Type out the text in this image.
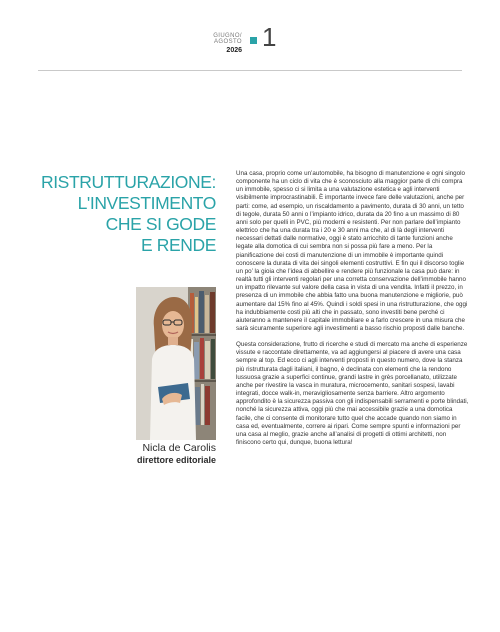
GIUGNO/ AGOSTO
2026 1
RISTRUTTURAZIONE:
L'INVESTIMENTO
CHE SI GODE
E RENDE
Nicla de Carolis
direttore editoriale

Una casa, proprio come un’automobile, ha bisogno di manutenzione e ogni singolo componente ha un ciclo di vita che è sconosciuto alla maggior parte di chi compra un immobile, spesso ci si limita a una valutazione estetica e agli interventi visibilmente improcrastinabili. È importante invece fare delle valutazioni, anche per parti: come, ad esempio, un riscaldamento a pavimento, durata di 30 anni, un tetto di tegole, durata 50 anni o l’impianto idrico, durata da 20 fino a un massimo di 80 anni solo per quelli in PVC, più moderni e resistenti. Per non parlare dell’impianto elettrico che ha una durata tra i 20 e 30 anni ma che, al di là degli interventi necessari dettati dalle normative, oggi è stato arricchito di tante funzioni anche legate alla domotica di cui sembra non si possa più fare a meno. Per la pianificazione dei costi di manutenzione di un immobile è importante quindi conoscere la durata di vita dei singoli elementi costruttivi. E fin qui il discorso toglie un po’ la gioia che l’idea di abbellire e rendere più funzionale la casa può dare: in realtà tutti gli interventi regolari per una corretta conservazione dell’immobile hanno un impatto rilevante sul valore della casa in vista di una vendita. Infatti il prezzo, in presenza di un immobile che abbia fatto una buona manutenzione e migliorie, può aumentare dal 15% fino al 45%. Quindi i soldi spesi in una ristrutturazione, che oggi ha indubbiamente costi più alti che in passato, sono investiti bene perché ci aiuteranno a mantenere il capitale immobiliare e a farlo crescere in una misura che sarà sicuramente superiore agli investimenti a basso rischio proposti dalle banche.

Questa considerazione, frutto di ricerche e studi di mercato ma anche di esperienze vissute e raccontate direttamente, va ad aggiungersi al piacere di avere una casa sempre al top. Ed ecco ci agli interventi proposti in questo numero, dove la stanza più ristrutturata dagli italiani, il bagno, è declinata con elementi che la rendono lussuosa grazie a superfici continue, grandi lastre in grès porcellanato, utilizzate anche per rivestire la vasca in muratura, microcemento, sanitari sospesi, lavabi integrati, docce walk-in, meravigliosamente senza barriere. Altro argomento approfondito è la sicurezza passiva con gli indispensabili serramenti e porte blindati, nonché la sicurezza attiva, oggi più che mai accessibile grazie a una domotica facile, che ci consente di monitorare tutto quel che accade quando non siamo in casa ed, eventualmente, correre ai ripari. Come sempre spunti e informazioni per una casa al meglio, grazie anche all’analisi di progetti di ottimi architetti, non finiscono certo qui, dunque, buona lettura!
